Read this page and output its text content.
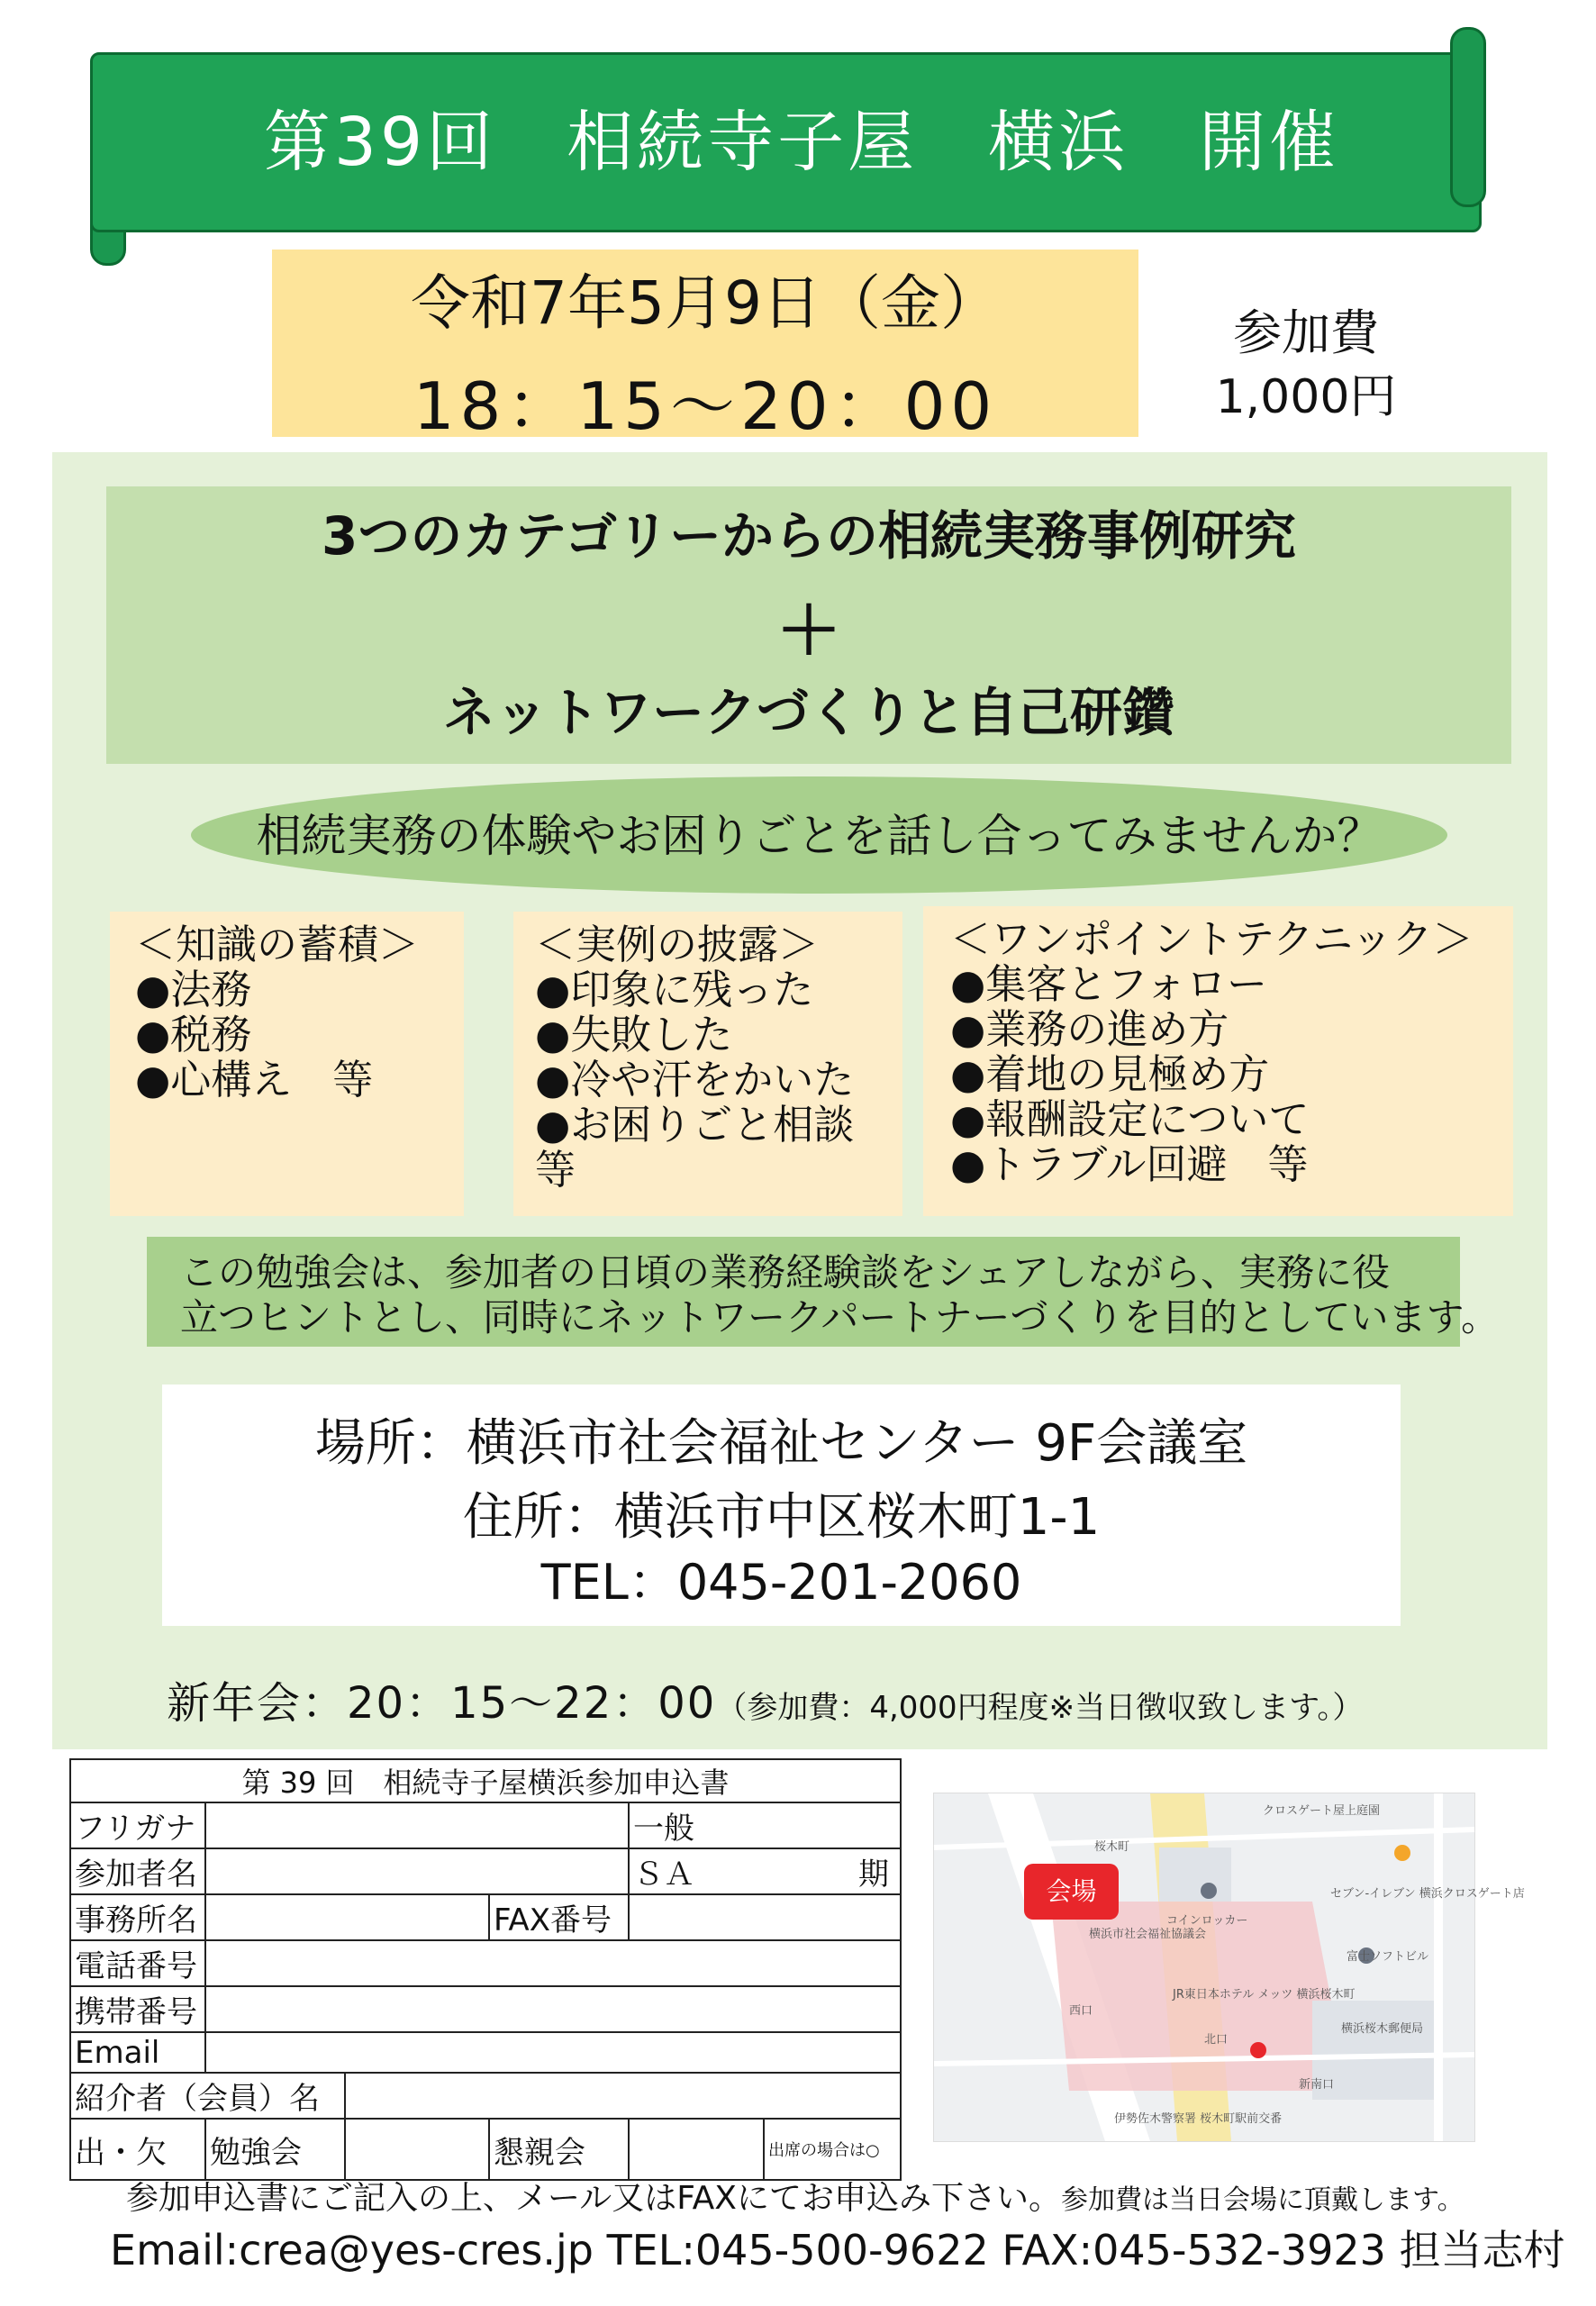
第39回　相続寺子屋　横浜　開催
令和7年5月9日（金）
18：15〜20：00
参加費
1,000円
3つのカテゴリーからの相続実務事例研究
＋
ネットワークづくりと自己研鑽
相続実務の体験やお困りごとを話し合ってみませんか？
＜知識の蓄積＞
●法務
●税務
●心構え　等
＜実例の披露＞
●印象に残った
●失敗した
●冷や汗をかいた
●お困りごと相談
等
＜ワンポイントテクニック＞
●集客とフォロー
●業務の進め方
●着地の見極め方
●報酬設定について
●トラブル回避　等
この勉強会は、参加者の日頃の業務経験談をシェアしながら、実務に役
立つヒントとし、同時にネットワークパートナーづくりを目的としています。
場所：横浜市社会福祉センター 9F会議室
住所：横浜市中区桜木町1-1
TEL：045-201-2060
新年会：20：15〜22：00（参加費：4,000円程度※当日徴収致します。）
第 39 回　相続寺子屋横浜参加申込書					
フリガナ				一般	
参加者名				ＳＡ 期	

事務所名			FAX番号		
電話番号					
携帯番号					
Email					
紹介者（会員）名					
出・欠	勉強会		懇親会		出席の場合は○
クロスゲート屋上庭園
桜木町
セブン-イレブン 横浜クロスゲート店
コインロッカー
富士ソフトビル
横浜市社会福祉協議会
JR東日本ホテル メッツ 横浜桜木町
西口
北口
新南口
横浜桜木郵便局
伊勢佐木警察署 桜木町駅前交番
会場
参加申込書にご記入の上、メール又はFAXにてお申込み下さい。参加費は当日会場に頂戴します。
Email:crea@yes-cres.jp TEL:045-500-9622 FAX:045-532-3923 担当志村
